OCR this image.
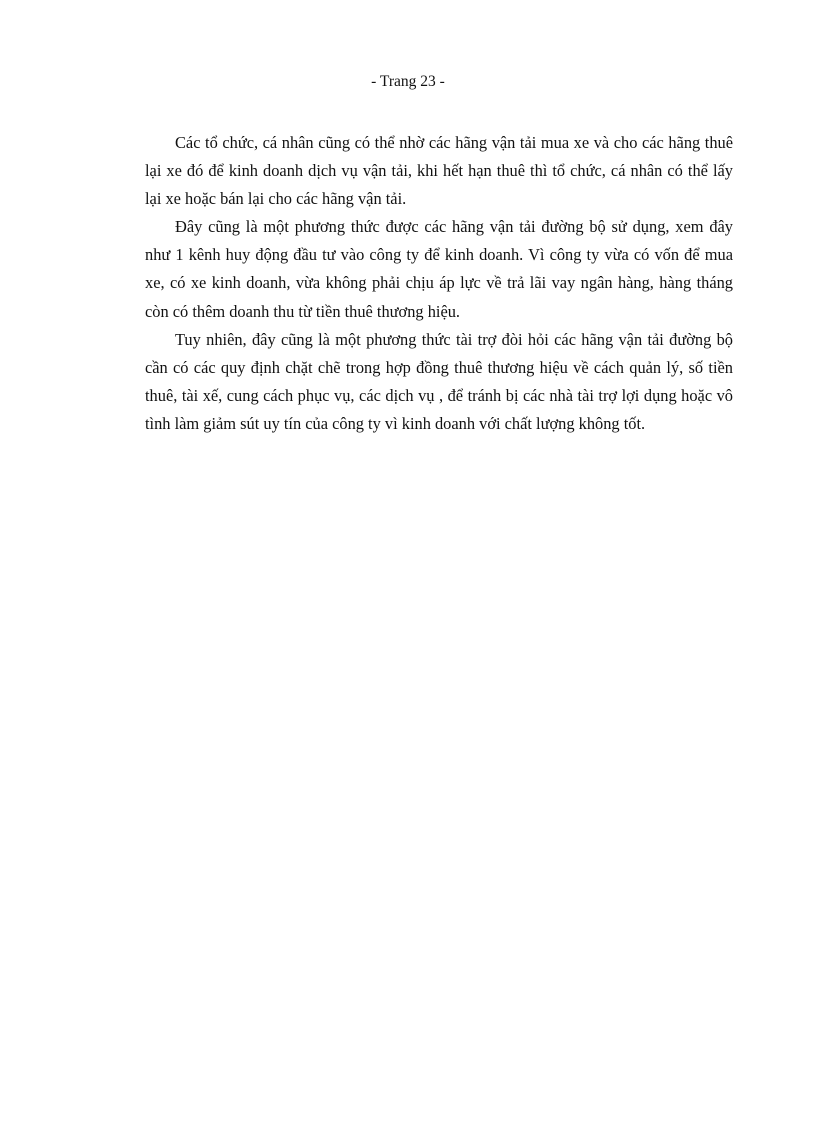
- Trang 23 -

Các tổ chức, cá nhân cũng có thể nhờ các hãng vận tải mua xe và cho các hãng thuê lại xe đó để kinh doanh dịch vụ vận tải, khi hết hạn thuê thì tổ chức, cá nhân có thể lấy lại xe hoặc bán lại cho các hãng vận tải.

Đây cũng là một phương thức được các hãng vận tải đường bộ sử dụng, xem đây như 1 kênh huy động đầu tư vào công ty để kinh doanh. Vì công ty vừa có vốn để mua xe, có xe kinh doanh, vừa không phải chịu áp lực về trả lãi vay ngân hàng, hàng tháng còn có thêm doanh thu từ tiền thuê thương hiệu.

Tuy nhiên, đây cũng là một phương thức tài trợ đòi hỏi các hãng vận tải đường bộ cần có các quy định chặt chẽ trong hợp đồng thuê thương hiệu về cách quản lý, số tiền thuê, tài xế, cung cách phục vụ, các dịch vụ , để tránh bị các nhà tài trợ lợi dụng hoặc vô tình làm giảm sút uy tín của công ty vì kinh doanh với chất lượng không tốt.
